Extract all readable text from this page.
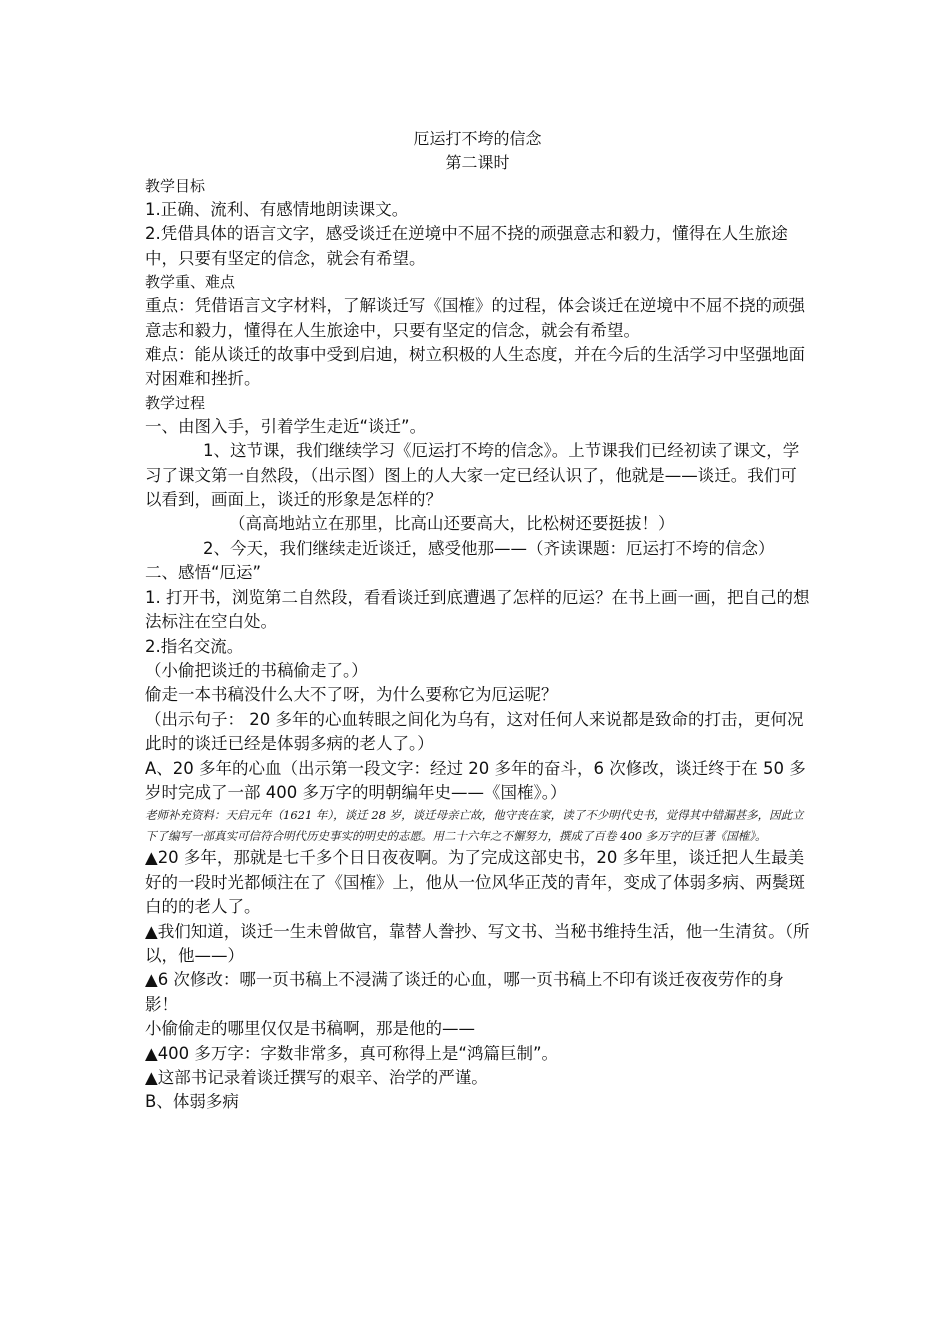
厄运打不垮的信念
第二课时

教学目标

1.正确、流利、有感情地朗读课文。

2.凭借具体的语言文字，感受谈迁在逆境中不屈不挠的顽强意志和毅力，懂得在人生旅途中，只要有坚定的信念，就会有希望。

教学重、难点

重点：凭借语言文字材料，了解谈迁写《国榷》的过程，体会谈迁在逆境中不屈不挠的顽强意志和毅力，懂得在人生旅途中，只要有坚定的信念，就会有希望。

难点：能从谈迁的故事中受到启迪，树立积极的人生态度，并在今后的生活学习中坚强地面对困难和挫折。

教学过程

一、由图入手，引着学生走近“谈迁”。

1、这节课，我们继续学习《厄运打不垮的信念》。上节课我们已经初读了课文，学习了课文第一自然段，（出示图）图上的人大家一定已经认识了，他就是——谈迁。我们可以看到，画面上，谈迁的形象是怎样的？

（高高地站立在那里，比高山还要高大，比松树还要挺拔！）

2、今天，我们继续走近谈迁，感受他那——（齐读课题：厄运打不垮的信念）

二、感悟“厄运”

1. 打开书，浏览第二自然段，看看谈迁到底遭遇了怎样的厄运？在书上画一画，把自己的想法标注在空白处。

2.指名交流。

（小偷把谈迁的书稿偷走了。）

偷走一本书稿没什么大不了呀，为什么要称它为厄运呢？

（出示句子： 20 多年的心血转眼之间化为乌有，这对任何人来说都是致命的打击，更何况此时的谈迁已经是体弱多病的老人了。）

A、20 多年的心血（出示第一段文字：经过 20 多年的奋斗，6 次修改，谈迁终于在 50 多岁时完成了一部 400 多万字的明朝编年史——《国榷》。）

老师补充资料：天启元年（1621 年），谈迁 28 岁，谈迁母亲亡故，他守丧在家，读了不少明代史书，觉得其中错漏甚多，因此立下了编写一部真实可信符合明代历史事实的明史的志愿。用二十六年之不懈努力，撰成了百卷 400 多万字的巨著《国榷》。

▲20 多年，那就是七千多个日日夜夜啊。为了完成这部史书，20 多年里，谈迁把人生最美好的一段时光都倾注在了《国榷》上，他从一位风华正茂的青年，变成了体弱多病、两鬓斑白的的老人了。

▲我们知道，谈迁一生未曾做官，靠替人誊抄、写文书、当秘书维持生活，他一生清贫。（所以，他——）

▲6 次修改：哪一页书稿上不浸满了谈迁的心血，哪一页书稿上不印有谈迁夜夜劳作的身影！

小偷偷走的哪里仅仅是书稿啊，那是他的——

▲400 多万字：字数非常多，真可称得上是“鸿篇巨制”。

▲这部书记录着谈迁撰写的艰辛、治学的严谨。

B、体弱多病
